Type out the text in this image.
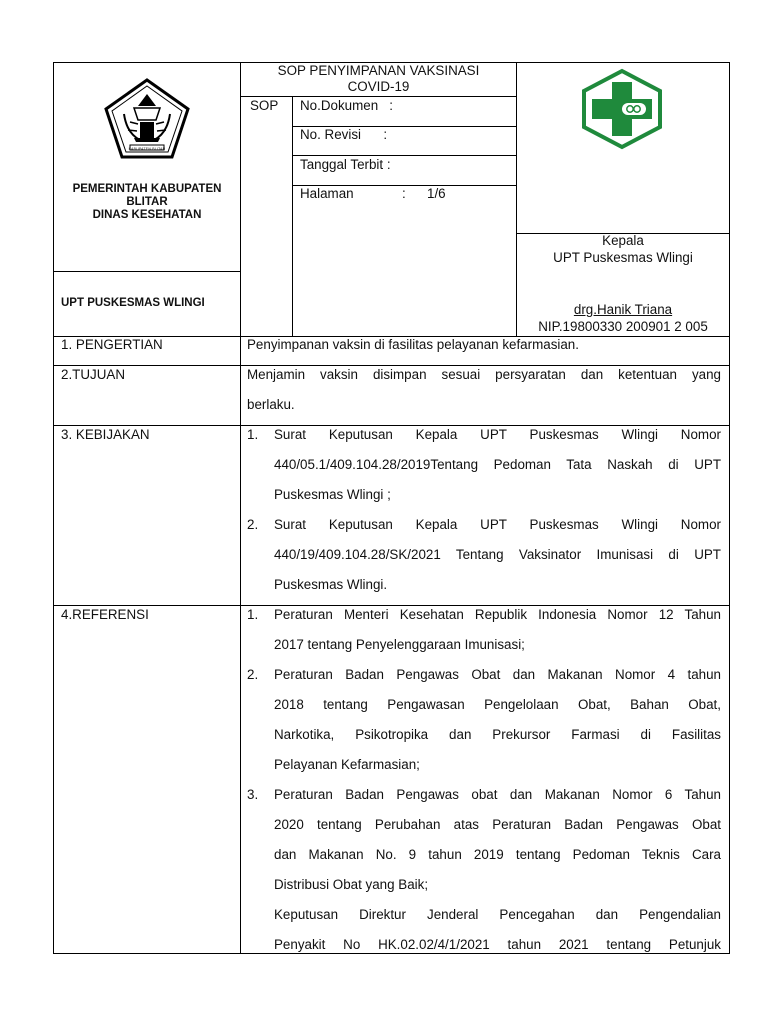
KABUPATEN BLITAR
PEMERINTAH KABUPATEN
BLITAR
DINAS KESEHATAN
UPT PUSKESMAS WLINGI
SOP PENYIMPANAN VAKSINASI
COVID-19
SOP No.Dokumen   :
No. Revisi      :
Tanggal Terbit :
Halaman	: 1/6
Kepala
UPT Puskesmas Wlingi
drg.Hanik Triana
NIP.19800330 200901 2 005
1. PENGERTIAN	Penyimpanan vaksin di fasilitas pelayanan kefarmasian.
2.TUJUAN	Menjamin vaksin disimpan sesuai persyaratan dan ketentuan yang
berlaku.
3. KEBIJAKAN	1. Surat Keputusan Kepala UPT Puskesmas Wlingi Nomor
440/05.1/409.104.28/2019Tentang Pedoman Tata Naskah di UPT
Puskesmas Wlingi ;
2. Surat Keputusan Kepala UPT Puskesmas Wlingi Nomor
440/19/409.104.28/SK/2021 Tentang Vaksinator Imunisasi di UPT
Puskesmas Wlingi.
4.REFERENSI	1. Peraturan Menteri Kesehatan Republik Indonesia Nomor 12 Tahun
2017 tentang Penyelenggaraan Imunisasi;
2. Peraturan Badan Pengawas Obat dan Makanan Nomor 4 tahun
2018 tentang Pengawasan Pengelolaan Obat, Bahan Obat,
Narkotika, Psikotropika dan Prekursor Farmasi di Fasilitas
Pelayanan Kefarmasian;
3. Peraturan Badan Pengawas obat dan Makanan Nomor 6 Tahun
2020 tentang Perubahan atas Peraturan Badan Pengawas Obat
dan Makanan No. 9 tahun 2019 tentang Pedoman Teknis Cara
Distribusi Obat yang Baik;
Keputusan Direktur Jenderal Pencegahan dan Pengendalian
Penyakit No HK.02.02/4/1/2021 tahun 2021 tentang Petunjuk
